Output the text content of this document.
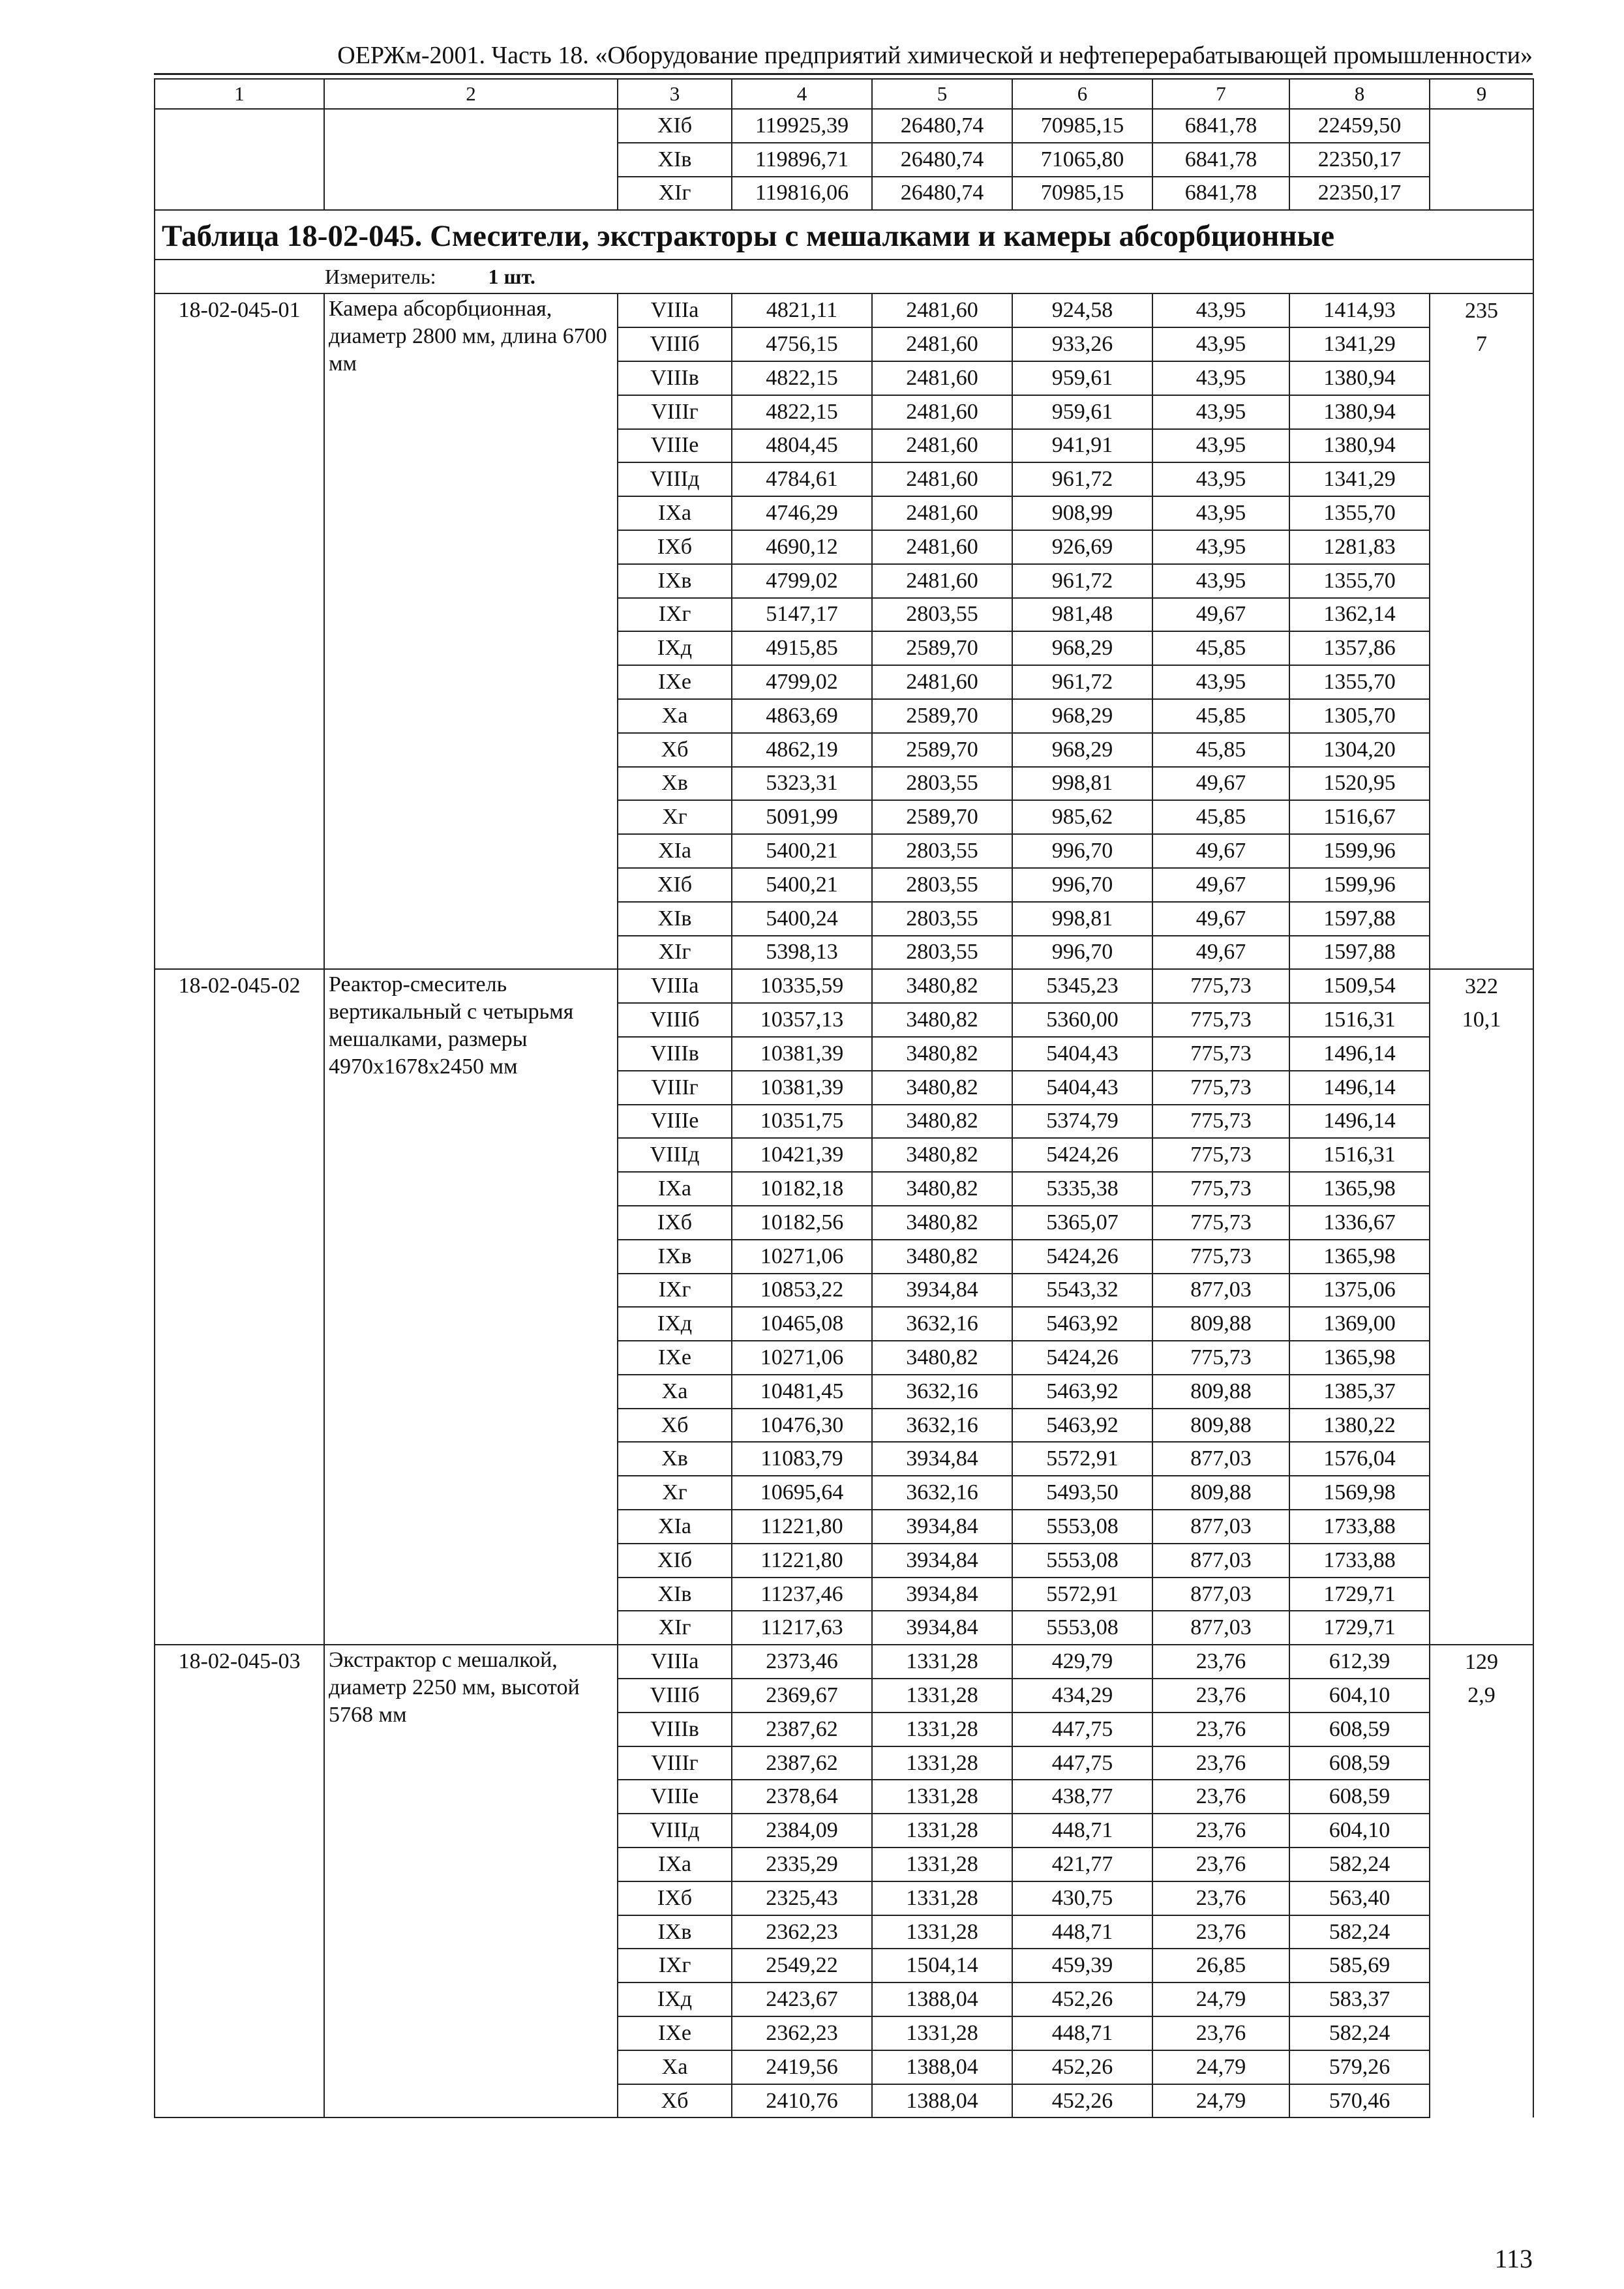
ОЕРЖм-2001. Часть 18. «Оборудование предприятий химической и нефтеперерабатывающей промышленности»
1	2	3	4	5	6	7	8	9
		XIб	119925,39	26480,74	70985,15	6841,78	22459,50	
		XIв	119896,71	26480,74	71065,80	6841,78	22350,17	
		XIг	119816,06	26480,74	70985,15	6841,78	22350,17	
Таблица 18-02-045. Смесители, экстракторы с мешалками и камеры абсорбционные								
Измеритель: 1 шт.								
18-02-045-01	Камера абсорбционная, диаметр 2800 мм, длина 6700 мм	VIIIа	4821,11	2481,60	924,58	43,95	1414,93	235
		VIIIб	4756,15	2481,60	933,26	43,95	1341,29	7
		VIIIв	4822,15	2481,60	959,61	43,95	1380,94	
		VIIIг	4822,15	2481,60	959,61	43,95	1380,94	
		VIIIе	4804,45	2481,60	941,91	43,95	1380,94	
		VIIIд	4784,61	2481,60	961,72	43,95	1341,29	
		IXа	4746,29	2481,60	908,99	43,95	1355,70	
		IXб	4690,12	2481,60	926,69	43,95	1281,83	
		IXв	4799,02	2481,60	961,72	43,95	1355,70	
		IXг	5147,17	2803,55	981,48	49,67	1362,14	
		IXд	4915,85	2589,70	968,29	45,85	1357,86	
		IXе	4799,02	2481,60	961,72	43,95	1355,70	
		Xа	4863,69	2589,70	968,29	45,85	1305,70	
		Xб	4862,19	2589,70	968,29	45,85	1304,20	
		Xв	5323,31	2803,55	998,81	49,67	1520,95	
		Xг	5091,99	2589,70	985,62	45,85	1516,67	
		XIа	5400,21	2803,55	996,70	49,67	1599,96	
		XIб	5400,21	2803,55	996,70	49,67	1599,96	
		XIв	5400,24	2803,55	998,81	49,67	1597,88	
		XIг	5398,13	2803,55	996,70	49,67	1597,88	
18-02-045-02	Реактор-смеситель вертикальный с четырьмя мешалками, размеры 4970х1678х2450 мм	VIIIа	10335,59	3480,82	5345,23	775,73	1509,54	322
		VIIIб	10357,13	3480,82	5360,00	775,73	1516,31	10,1
		VIIIв	10381,39	3480,82	5404,43	775,73	1496,14	
		VIIIг	10381,39	3480,82	5404,43	775,73	1496,14	
		VIIIе	10351,75	3480,82	5374,79	775,73	1496,14	
		VIIIд	10421,39	3480,82	5424,26	775,73	1516,31	
		IXа	10182,18	3480,82	5335,38	775,73	1365,98	
		IXб	10182,56	3480,82	5365,07	775,73	1336,67	
		IXв	10271,06	3480,82	5424,26	775,73	1365,98	
		IXг	10853,22	3934,84	5543,32	877,03	1375,06	
		IXд	10465,08	3632,16	5463,92	809,88	1369,00	
		IXе	10271,06	3480,82	5424,26	775,73	1365,98	
		Xа	10481,45	3632,16	5463,92	809,88	1385,37	
		Xб	10476,30	3632,16	5463,92	809,88	1380,22	
		Xв	11083,79	3934,84	5572,91	877,03	1576,04	
		Xг	10695,64	3632,16	5493,50	809,88	1569,98	
		XIа	11221,80	3934,84	5553,08	877,03	1733,88	
		XIб	11221,80	3934,84	5553,08	877,03	1733,88	
		XIв	11237,46	3934,84	5572,91	877,03	1729,71	
		XIг	11217,63	3934,84	5553,08	877,03	1729,71	
18-02-045-03	Экстрактор с мешалкой, диаметр 2250 мм, высотой 5768 мм	VIIIа	2373,46	1331,28	429,79	23,76	612,39	129
		VIIIб	2369,67	1331,28	434,29	23,76	604,10	2,9
		VIIIв	2387,62	1331,28	447,75	23,76	608,59	
		VIIIг	2387,62	1331,28	447,75	23,76	608,59	
		VIIIе	2378,64	1331,28	438,77	23,76	608,59	
		VIIIд	2384,09	1331,28	448,71	23,76	604,10	
		IXа	2335,29	1331,28	421,77	23,76	582,24	
		IXб	2325,43	1331,28	430,75	23,76	563,40	
		IXв	2362,23	1331,28	448,71	23,76	582,24	
		IXг	2549,22	1504,14	459,39	26,85	585,69	
		IXд	2423,67	1388,04	452,26	24,79	583,37	
		IXе	2362,23	1331,28	448,71	23,76	582,24	
		Xа	2419,56	1388,04	452,26	24,79	579,26	
		Xб	2410,76	1388,04	452,26	24,79	570,46	
113
